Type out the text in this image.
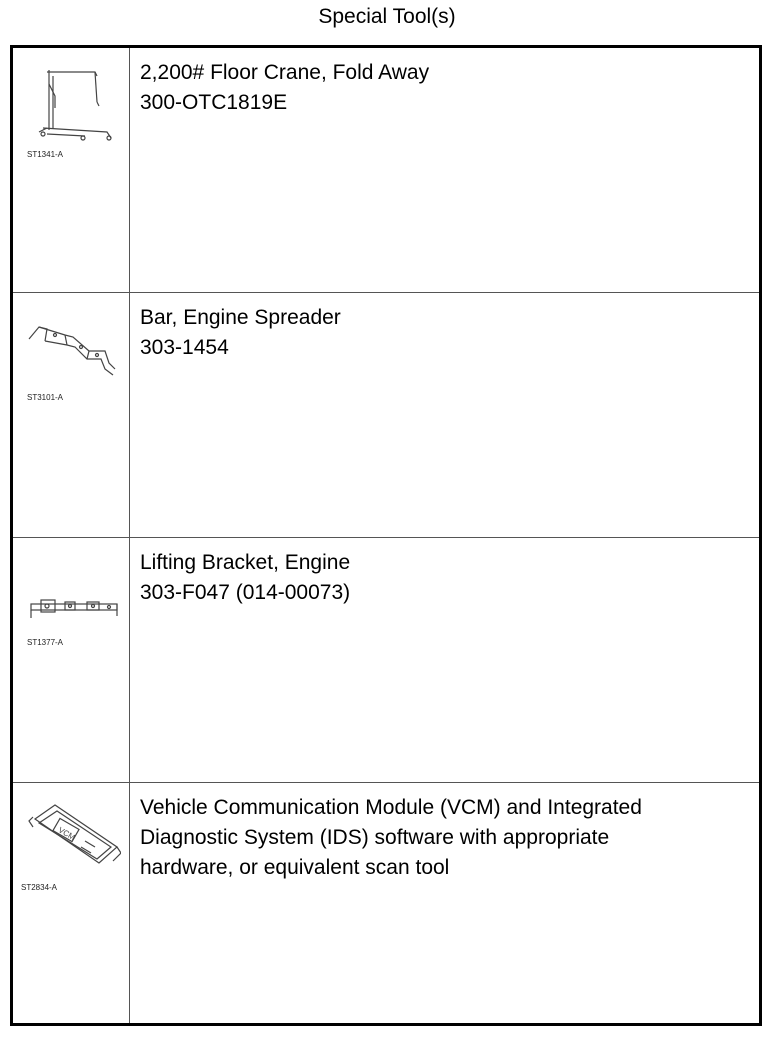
Special Tool(s)
ST1341-A
2,200# Floor Crane, Fold Away
300-OTC1819E
ST3101-A
Bar, Engine Spreader
303-1454
ST1377-A
Lifting Bracket, Engine
303-F047 (014-00073)
VCM
ST2834-A
Vehicle Communication Module (VCM) and Integrated
Diagnostic System (IDS) software with appropriate
hardware, or equivalent scan tool
